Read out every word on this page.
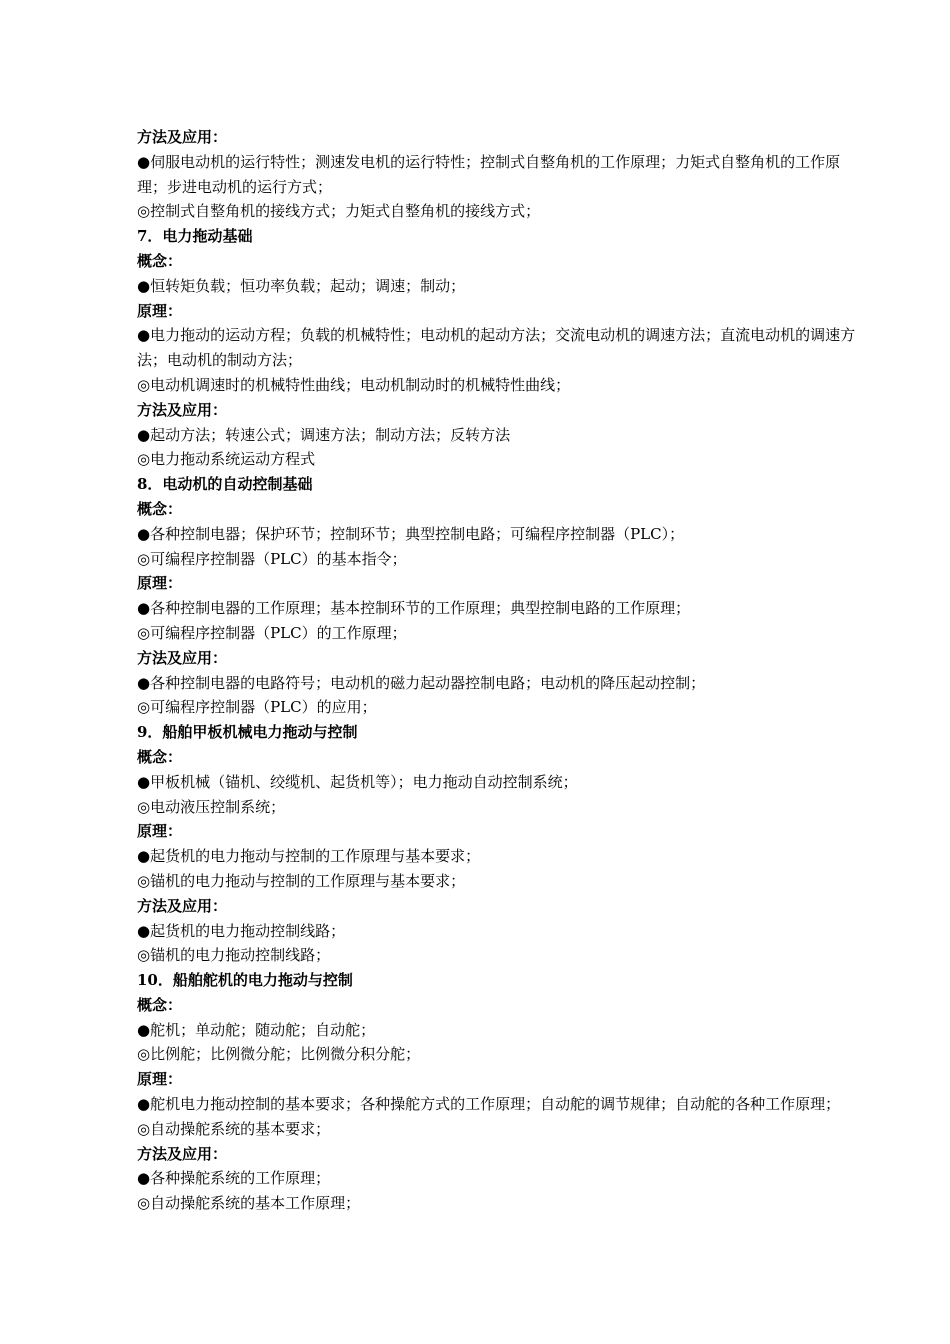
方法及应用：
●伺服电动机的运行特性；测速发电机的运行特性；控制式自整角机的工作原理；力矩式自整角机的工作原理；步进电动机的运行方式；
◎控制式自整角机的接线方式；力矩式自整角机的接线方式；
7．电力拖动基础
概念：
●恒转矩负载；恒功率负载；起动；调速；制动；
原理：
●电力拖动的运动方程；负载的机械特性；电动机的起动方法；交流电动机的调速方法；直流电动机的调速方法；电动机的制动方法；
◎电动机调速时的机械特性曲线；电动机制动时的机械特性曲线；
方法及应用：
●起动方法；转速公式；调速方法；制动方法；反转方法
◎电力拖动系统运动方程式
8．电动机的自动控制基础
概念：
●各种控制电器；保护环节；控制环节；典型控制电路；可编程序控制器（PLC）；
◎可编程序控制器（PLC）的基本指令；
原理：
●各种控制电器的工作原理；基本控制环节的工作原理；典型控制电路的工作原理；
◎可编程序控制器（PLC）的工作原理；
方法及应用：
●各种控制电器的电路符号；电动机的磁力起动器控制电路；电动机的降压起动控制；
◎可编程序控制器（PLC）的应用；
9．船舶甲板机械电力拖动与控制
概念：
●甲板机械（锚机、绞缆机、起货机等）；电力拖动自动控制系统；
◎电动液压控制系统；
原理：
●起货机的电力拖动与控制的工作原理与基本要求；
◎锚机的电力拖动与控制的工作原理与基本要求；
方法及应用：
●起货机的电力拖动控制线路；
◎锚机的电力拖动控制线路；
10．船舶舵机的电力拖动与控制
概念：
●舵机；单动舵；随动舵；自动舵；
◎比例舵；比例微分舵；比例微分积分舵；
原理：
●舵机电力拖动控制的基本要求；各种操舵方式的工作原理；自动舵的调节规律；自动舵的各种工作原理；
◎自动操舵系统的基本要求；
方法及应用：
●各种操舵系统的工作原理；
◎自动操舵系统的基本工作原理；
